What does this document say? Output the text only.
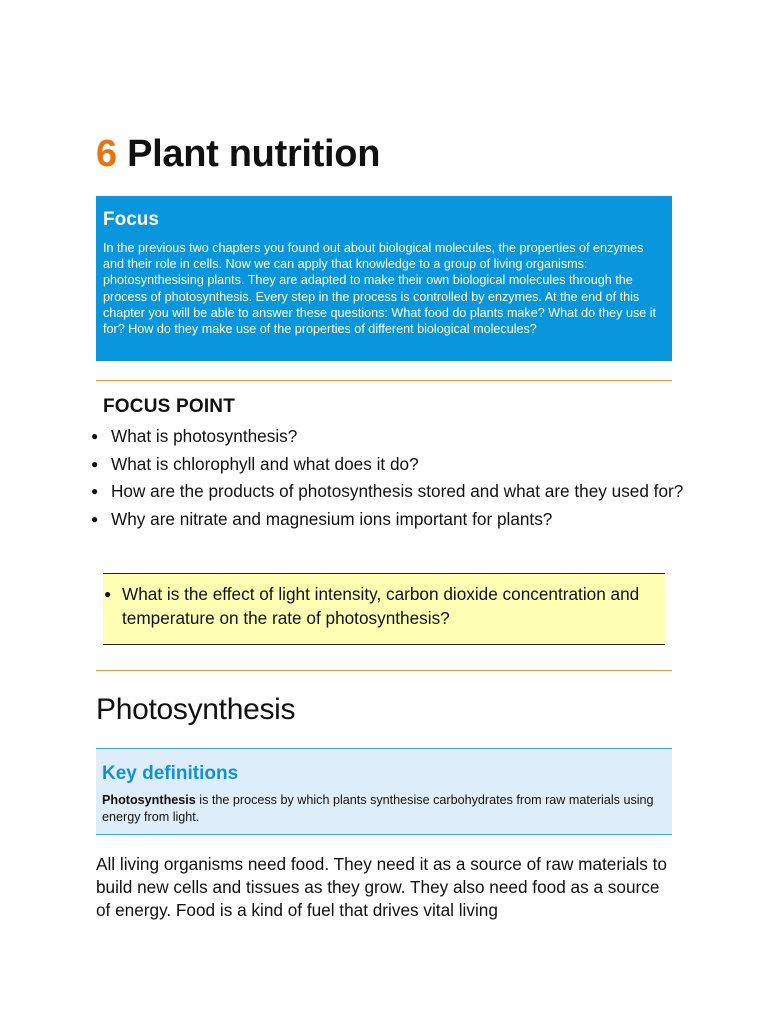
6 Plant nutrition
Focus

In the previous two chapters you found out about biological molecules, the properties of enzymes and their role in cells. Now we can apply that knowledge to a group of living organisms: photosynthesising plants. They are adapted to make their own biological molecules through the process of photosynthesis. Every step in the process is controlled by enzymes. At the end of this chapter you will be able to answer these questions: What food do plants make? What do they use it for? How do they make use of the properties of different biological molecules?

FOCUS POINT
● What is photosynthesis?
● What is chlorophyll and what does it do?
● How are the products of photosynthesis stored and what are they used for?
● Why are nitrate and magnesium ions important for plants?
● What is the effect of light intensity, carbon dioxide concentration and temperature on the rate of photosynthesis?
Photosynthesis
Key definitions

Photosynthesis is the process by which plants synthesise carbohydrates from raw materials using energy from light.

All living organisms need food. They need it as a source of raw materials to build new cells and tissues as they grow. They also need food as a source of energy. Food is a kind of fuel that drives vital living
